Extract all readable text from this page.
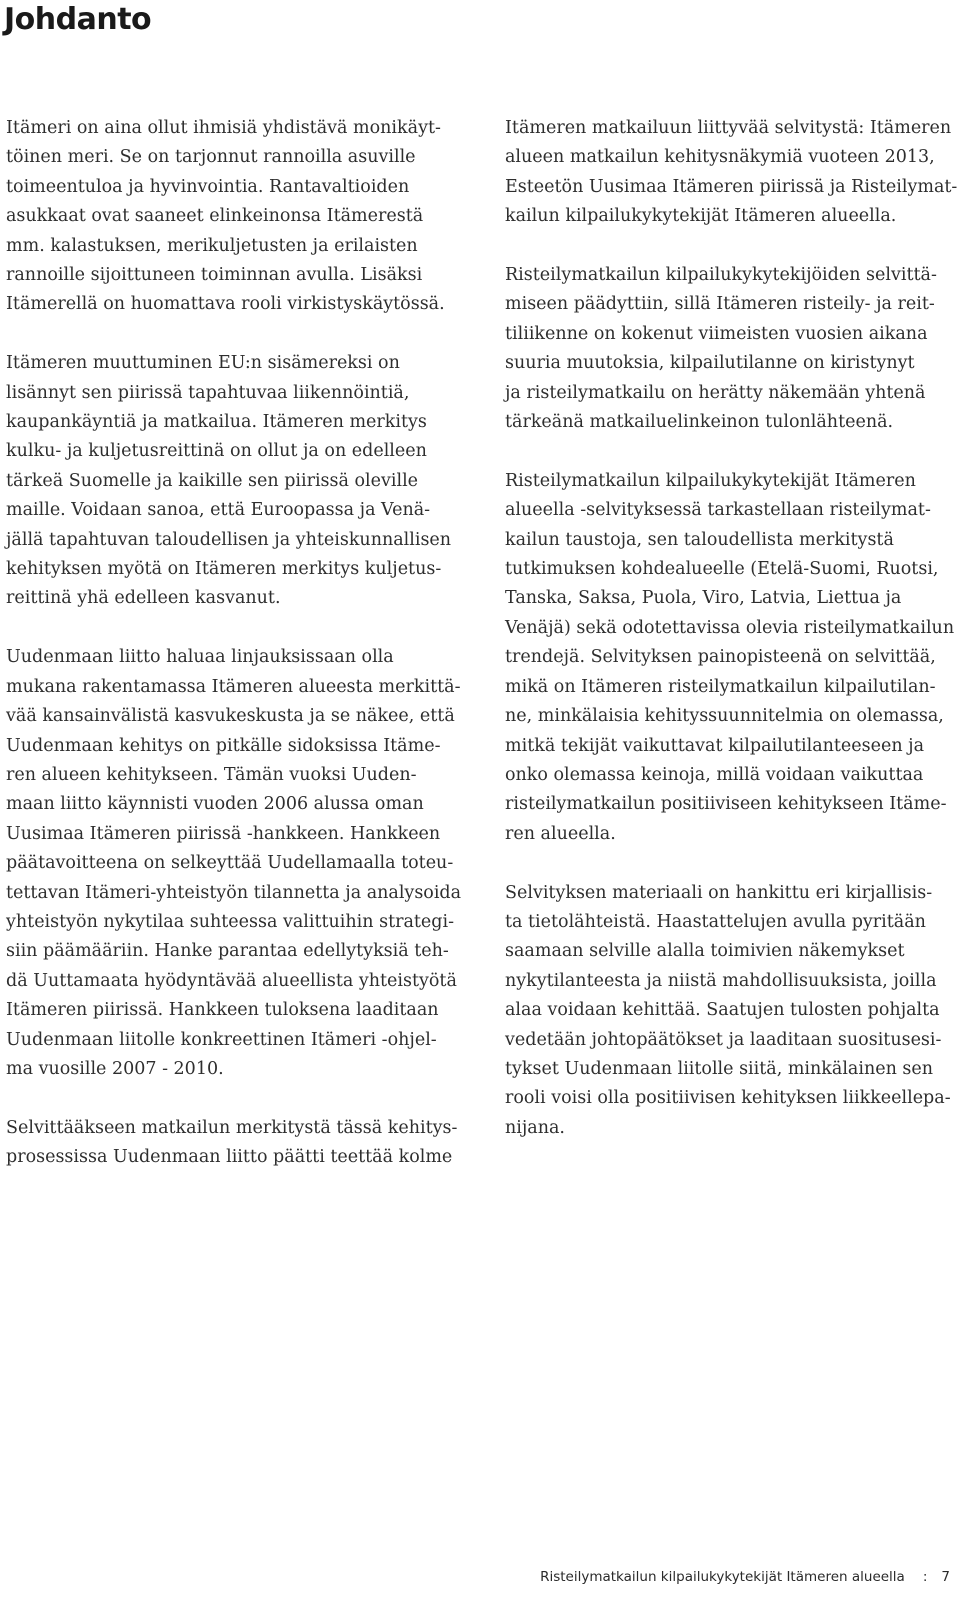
Johdanto

Itämeri on aina ollut ihmisiä yhdistävä monikäyt-
töinen meri. Se on tarjonnut rannoilla asuville
toimeentuloa ja hyvinvointia. Rantavaltioiden
asukkaat ovat saaneet elinkeinonsa Itämerestä
mm. kalastuksen, merikuljetusten ja erilaisten
rannoille sijoittuneen toiminnan avulla. Lisäksi
Itämerellä on huomattava rooli virkistyskäytössä.

Itämeren muuttuminen EU:n sisämereksi on
lisännyt sen piirissä tapahtuvaa liikennöintiä,
kaupankäyntiä ja matkailua. Itämeren merkitys
kulku- ja kuljetusreittinä on ollut ja on edelleen
tärkeä Suomelle ja kaikille sen piirissä oleville
maille. Voidaan sanoa, että Euroopassa ja Venä-
jällä tapahtuvan taloudellisen ja yhteiskunnallisen
kehityksen myötä on Itämeren merkitys kuljetus-
reittinä yhä edelleen kasvanut.

Uudenmaan liitto haluaa linjauksissaan olla
mukana rakentamassa Itämeren alueesta merkittä-
vää kansainvälistä kasvukeskusta ja se näkee, että
Uudenmaan kehitys on pitkälle sidoksissa Itäme-
ren alueen kehitykseen. Tämän vuoksi Uuden-
maan liitto käynnisti vuoden 2006 alussa oman
Uusimaa Itämeren piirissä -hankkeen. Hankkeen
päätavoitteena on selkeyttää Uudellamaalla toteu-
tettavan Itämeri-yhteistyön tilannetta ja analysoida
yhteistyön nykytilaa suhteessa valittuihin strategi-
siin päämääriin. Hanke parantaa edellytyksiä teh-
dä Uuttamaata hyödyntävää alueellista yhteistyötä
Itämeren piirissä. Hankkeen tuloksena laaditaan
Uudenmaan liitolle konkreettinen Itämeri -ohjel-
ma vuosille 2007 - 2010.

Selvittääkseen matkailun merkitystä tässä kehitys-
prosessissa Uudenmaan liitto päätti teettää kolme

Itämeren matkailuun liittyvää selvitystä: Itämeren
alueen matkailun kehitysnäkymiä vuoteen 2013,
Esteetön Uusimaa Itämeren piirissä ja Risteilymat-
kailun kilpailukykytekijät Itämeren alueella.

Risteilymatkailun kilpailukykytekijöiden selvittä-
miseen päädyttiin, sillä Itämeren risteily- ja reit-
tiliikenne on kokenut viimeisten vuosien aikana
suuria muutoksia, kilpailutilanne on kiristynyt
ja risteilymatkailu on herätty näkemään yhtenä
tärkeänä matkailuelinkeinon tulonlähteenä.

Risteilymatkailun kilpailukykytekijät Itämeren
alueella -selvityksessä tarkastellaan risteilymat-
kailun taustoja, sen taloudellista merkitystä
tutkimuksen kohdealueelle (Etelä-Suomi, Ruotsi,
Tanska, Saksa, Puola, Viro, Latvia, Liettua ja
Venäjä) sekä odotettavissa olevia risteilymatkailun
trendejä. Selvityksen painopisteenä on selvittää,
mikä on Itämeren risteilymatkailun kilpailutilan-
ne, minkälaisia kehityssuunnitelmia on olemassa,
mitkä tekijät vaikuttavat kilpailutilanteeseen ja
onko olemassa keinoja, millä voidaan vaikuttaa
risteilymatkailun positiiviseen kehitykseen Itäme-
ren alueella.

Selvityksen materiaali on hankittu eri kirjallisis-
ta tietolähteistä. Haastattelujen avulla pyritään
saamaan selville alalla toimivien näkemykset
nykytilanteesta ja niistä mahdollisuuksista, joilla
alaa voidaan kehittää. Saatujen tulosten pohjalta
vedetään johtopäätökset ja laaditaan suositusesi-
tykset Uudenmaan liitolle siitä, minkälainen sen
rooli voisi olla positiivisen kehityksen liikkeellepa-
nijana.

Risteilymatkailun kilpailukykytekijät Itämeren alueella : 7
